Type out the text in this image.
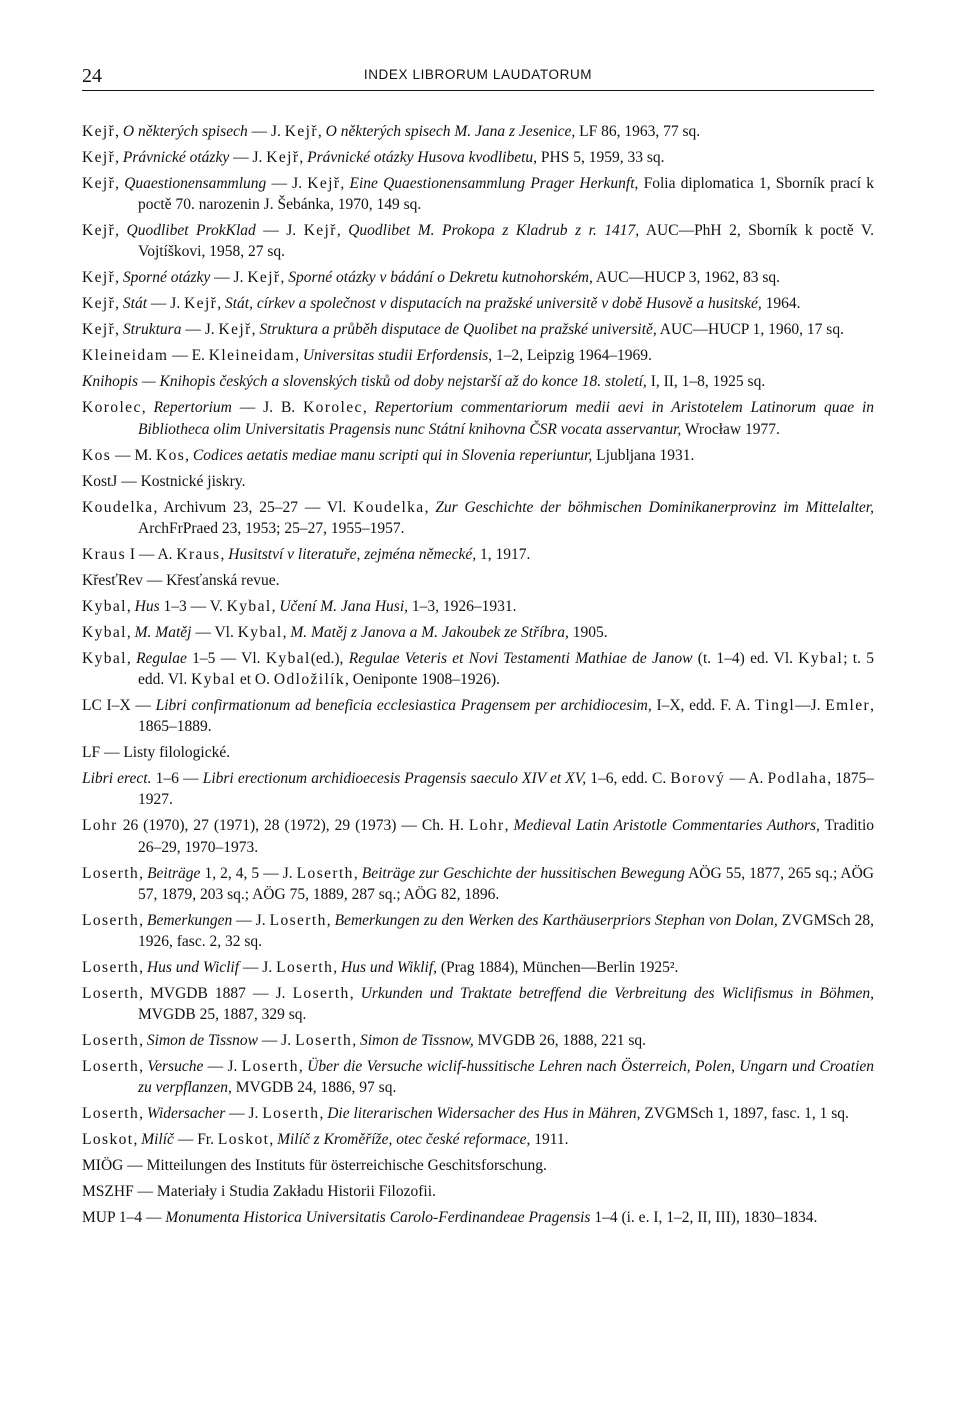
24	INDEX LIBRORUM LAUDATORUM

Kejř, O některých spisech — J. Kejř, O některých spisech M. Jana z Jesenice, LF 86, 1963, 77 sq.

Kejř, Právnické otázky — J. Kejř, Právnické otázky Husova kvodlibetu, PHS 5, 1959, 33 sq.

Kejř, Quaestionensammlung — J. Kejř, Eine Quaestionensammlung Prager Herkunft, Folia diplomatica 1, Sborník prací k poctě 70. narozenin J. Šebánka, 1970, 149 sq.

Kejř, Quodlibet ProkKlad — J. Kejř, Quodlibet M. Prokopa z Kladrub z r. 1417, AUC—PhH 2, Sborník k poctě V. Vojtíškovi, 1958, 27 sq.

Kejř, Sporné otázky — J. Kejř, Sporné otázky v bádání o Dekretu kutnohorském, AUC—HUCP 3, 1962, 83 sq.

Kejř, Stát — J. Kejř, Stát, církev a společnost v disputacích na pražské universitě v době Husově a husitské, 1964.

Kejř, Struktura — J. Kejř, Struktura a průběh disputace de Quolibet na pražské universitě, AUC—HUCP 1, 1960, 17 sq.

Kleineidam — E. Kleineidam, Universitas studii Erfordensis, 1–2, Leipzig 1964–1969.

Knihopis — Knihopis českých a slovenských tisků od doby nejstarší až do konce 18. století, I, II, 1–8, 1925 sq.

Korolec, Repertorium — J. B. Korolec, Repertorium commentariorum medii aevi in Aristotelem Latinorum quae in Bibliotheca olim Universitatis Pragensis nunc Státní knihovna ČSR vocata asservantur, Wrocław 1977.

Kos — M. Kos, Codices aetatis mediae manu scripti qui in Slovenia reperiuntur, Ljubljana 1931.

KostJ — Kostnické jiskry.

Koudelka, Archivum 23, 25–27 — Vl. Koudelka, Zur Geschichte der böhmischen Dominikanerprovinz im Mittelalter, ArchFrPraed 23, 1953; 25–27, 1955–1957.

Kraus I — A. Kraus, Husitství v literatuře, zejména německé, 1, 1917.

KřesťRev — Křesťanská revue.

Kybal, Hus 1–3 — V. Kybal, Učení M. Jana Husi, 1–3, 1926–1931.

Kybal, M. Matěj — Vl. Kybal, M. Matěj z Janova a M. Jakoubek ze Stříbra, 1905.

Kybal, Regulae 1–5 — Vl. Kybal(ed.), Regulae Veteris et Novi Testamenti Mathiae de Janow (t. 1–4) ed. Vl. Kybal; t. 5 edd. Vl. Kybal et O. Odložilík, Oeniponte 1908–1926).

LC I–X — Libri confirmationum ad beneficia ecclesiastica Pragensem per archidiocesim, I–X, edd. F. A. Tingl—J. Emler, 1865–1889.

LF — Listy filologické.

Libri erect. 1–6 — Libri erectionum archidioecesis Pragensis saeculo XIV et XV, 1–6, edd. C. Borový — A. Podlaha, 1875–1927.

Lohr 26 (1970), 27 (1971), 28 (1972), 29 (1973) — Ch. H. Lohr, Medieval Latin Aristotle Commentaries Authors, Traditio 26–29, 1970–1973.

Loserth, Beiträge 1, 2, 4, 5 — J. Loserth, Beiträge zur Geschichte der hussitischen Bewegung AÖG 55, 1877, 265 sq.; AÖG 57, 1879, 203 sq.; AÖG 75, 1889, 287 sq.; AÖG 82, 1896.

Loserth, Bemerkungen — J. Loserth, Bemerkungen zu den Werken des Karthäuserpriors Stephan von Dolan, ZVGMSch 28, 1926, fasc. 2, 32 sq.

Loserth, Hus und Wiclif — J. Loserth, Hus und Wiklif, (Prag 1884), München—Berlin 1925².

Loserth, MVGDB 1887 — J. Loserth, Urkunden und Traktate betreffend die Verbreitung des Wiclifismus in Böhmen, MVGDB 25, 1887, 329 sq.

Loserth, Simon de Tissnow — J. Loserth, Simon de Tissnow, MVGDB 26, 1888, 221 sq.

Loserth, Versuche — J. Loserth, Über die Versuche wiclif-hussitische Lehren nach Österreich, Polen, Ungarn und Croatien zu verpflanzen, MVGDB 24, 1886, 97 sq.

Loserth, Widersacher — J. Loserth, Die literarischen Widersacher des Hus in Mähren, ZVGMSch 1, 1897, fasc. 1, 1 sq.

Loskot, Milíč — Fr. Loskot, Milíč z Kroměříže, otec české reformace, 1911.

MIÖG — Mitteilungen des Instituts für österreichische Geschitsforschung.

MSZHF — Materiały i Studia Zakładu Historii Filozofii.

MUP 1–4 — Monumenta Historica Universitatis Carolo-Ferdinandeae Pragensis 1–4 (i. e. I, 1–2, II, III), 1830–1834.
